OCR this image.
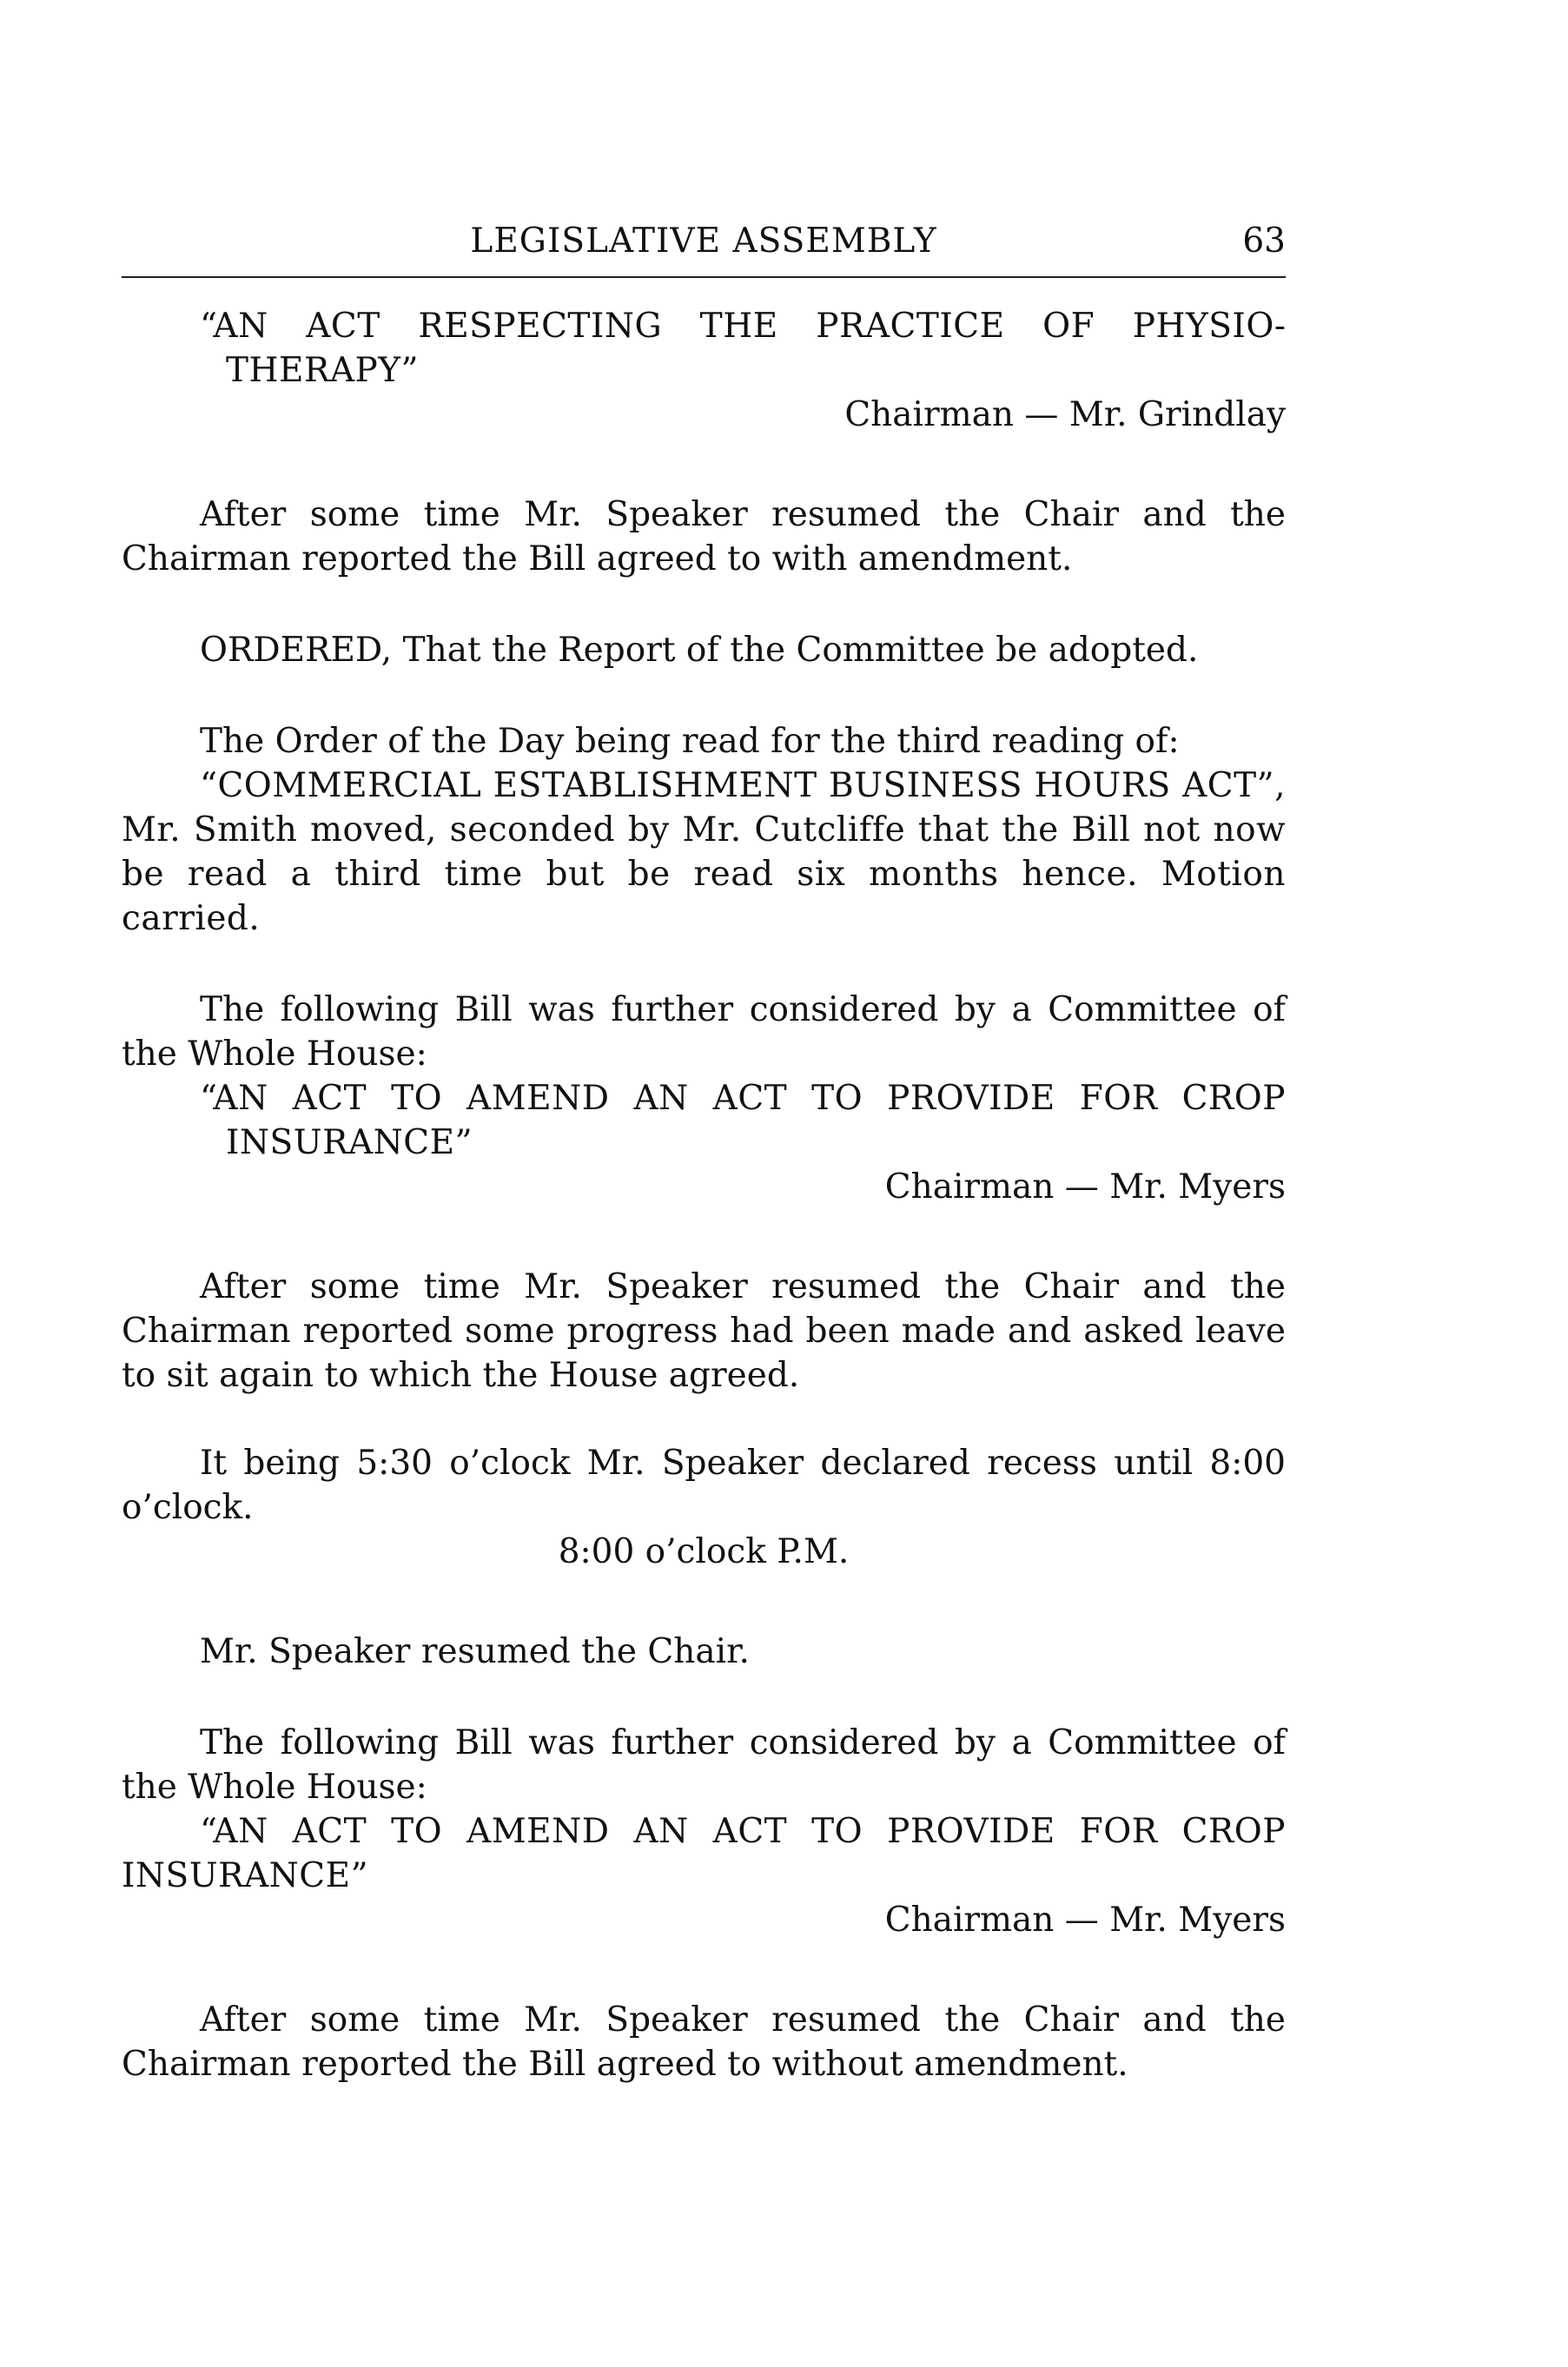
LEGISLATIVE ASSEMBLY	63

“AN ACT RESPECTING THE PRACTICE OF PHYSIOTHERAPY”

Chairman — Mr. Grindlay

After some time Mr. Speaker resumed the Chair and the Chairman reported the Bill agreed to with amendment.

ORDERED, That the Report of the Committee be adopted.

The Order of the Day being read for the third reading of:

“COMMERCIAL ESTABLISHMENT BUSINESS HOURS ACT”, Mr. Smith moved, seconded by Mr. Cutcliffe that the Bill not now be read a third time but be read six months hence. Motion carried.

The following Bill was further considered by a Committee of the Whole House:

“AN ACT TO AMEND AN ACT TO PROVIDE FOR CROP INSURANCE”

Chairman — Mr. Myers

After some time Mr. Speaker resumed the Chair and the Chairman reported some progress had been made and asked leave to sit again to which the House agreed.

It being 5:30 o’clock Mr. Speaker declared recess until 8:00 o’clock.

8:00 o’clock P.M.

Mr. Speaker resumed the Chair.

The following Bill was further considered by a Committee of the Whole House:

“AN ACT TO AMEND AN ACT TO PROVIDE FOR CROP INSURANCE”

Chairman — Mr. Myers

After some time Mr. Speaker resumed the Chair and the Chairman reported the Bill agreed to without amendment.
